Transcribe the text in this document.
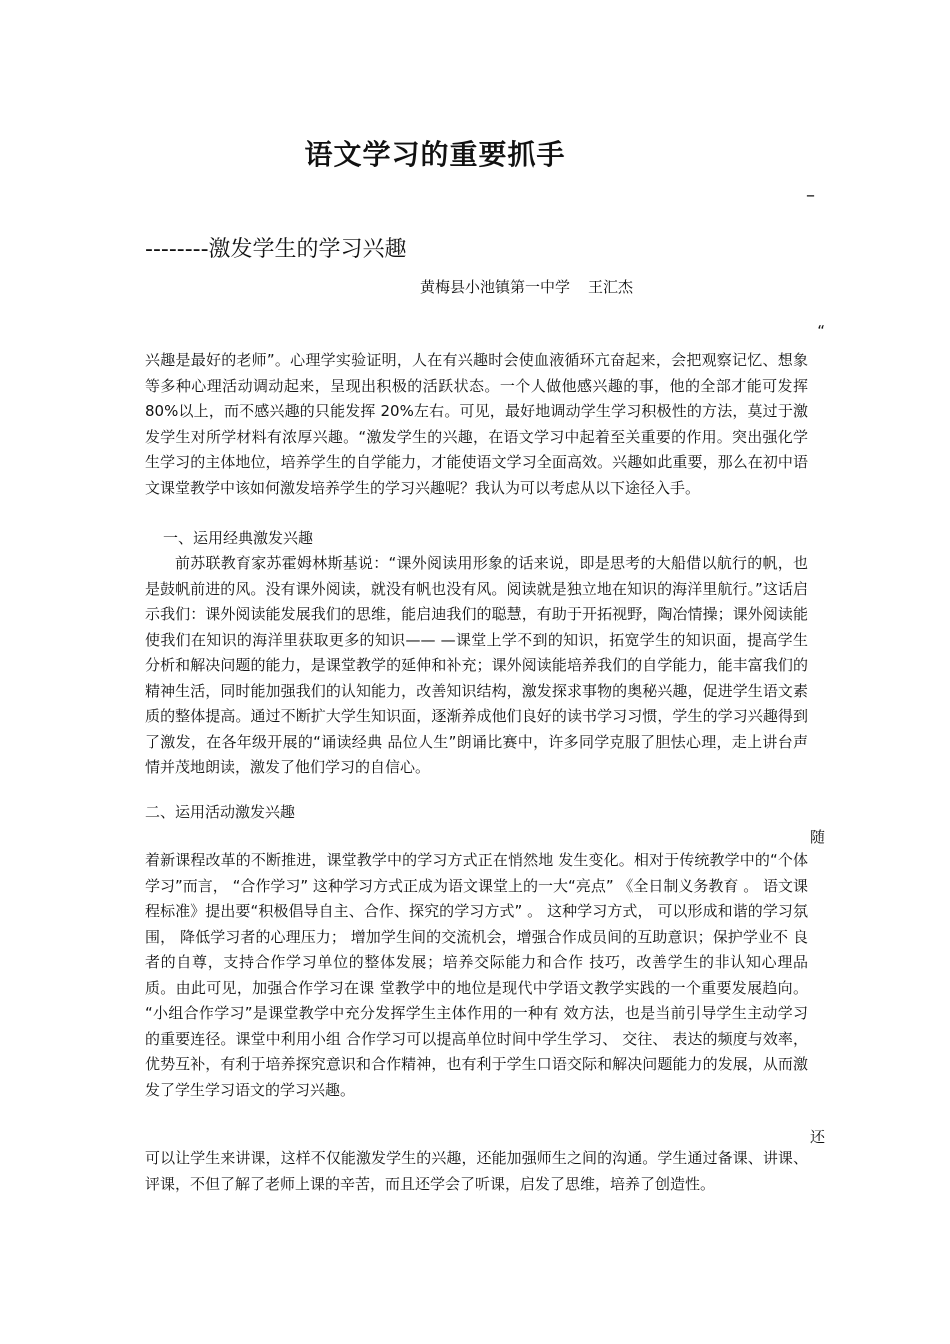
语文学习的重要抓手
–
--------激发学生的学习兴趣
黄梅县小池镇第一中学 王汇杰
“
兴趣是最好的老师”。心理学实验证明，人在有兴趣时会使血液循环亢奋起来，会把观察记忆、想象等多种心理活动调动起来，呈现出积极的活跃状态。一个人做他感兴趣的事，他的全部才能可发挥80%以上，而不感兴趣的只能发挥 20%左右。可见，最好地调动学生学习积极性的方法，莫过于激发学生对所学材料有浓厚兴趣。“激发学生的兴趣，在语文学习中起着至关重要的作用。突出强化学生学习的主体地位，培养学生的自学能力，才能使语文学习全面高效。兴趣如此重要，那么在初中语文课堂教学中该如何激发培养学生的学习兴趣呢？我认为可以考虑从以下途径入手。
一、运用经典激发兴趣
前苏联教育家苏霍姆林斯基说：“课外阅读用形象的话来说，即是思考的大船借以航行的帆，也是鼓帆前进的风。没有课外阅读，就没有帆也没有风。阅读就是独立地在知识的海洋里航行。”这话启示我们：课外阅读能发展我们的思维，能启迪我们的聪慧，有助于开拓视野，陶冶情操；课外阅读能使我们在知识的海洋里获取更多的知识—— —课堂上学不到的知识，拓宽学生的知识面，提高学生分析和解决问题的能力，是课堂教学的延伸和补充；课外阅读能培养我们的自学能力，能丰富我们的精神生活，同时能加强我们的认知能力，改善知识结构，激发探求事物的奥秘兴趣，促进学生语文素质的整体提高。通过不断扩大学生知识面，逐渐养成他们良好的读书学习习惯，学生的学习兴趣得到了激发，在各年级开展的“诵读经典 品位人生”朗诵比赛中，许多同学克服了胆怯心理，走上讲台声情并茂地朗读，激发了他们学习的自信心。
二、运用活动激发兴趣
随
着新课程改革的不断推进，课堂教学中的学习方式正在悄然地 发生变化。相对于传统教学中的“个体学习”而言， “合作学习” 这种学习方式正成为语文课堂上的一大“亮点” 《全日制义务教育 。 语文课程标准》提出要“积极倡导自主、合作、探究的学习方式” 。 这种学习方式， 可以形成和谐的学习氛围， 降低学习者的心理压力； 增加学生间的交流机会，增强合作成员间的互助意识；保护学业不 良者的自尊，支持合作学习单位的整体发展；培养交际能力和合作 技巧，改善学生的非认知心理品质。由此可见，加强合作学习在课 堂教学中的地位是现代中学语文教学实践的一个重要发展趋向。 “小组合作学习”是课堂教学中充分发挥学生主体作用的一种有 效方法，也是当前引导学生主动学习的重要连径。课堂中利用小组 合作学习可以提高单位时间中学生学习、 交往、 表达的频度与效率， 优势互补，有利于培养探究意识和合作精神，也有利于学生口语交际和解决问题能力的发展，从而激发了学生学习语文的学习兴趣。
还
可以让学生来讲课，这样不仅能激发学生的兴趣，还能加强师生之间的沟通。学生通过备课、讲课、评课，不但了解了老师上课的辛苦，而且还学会了听课，启发了思维，培养了创造性。
